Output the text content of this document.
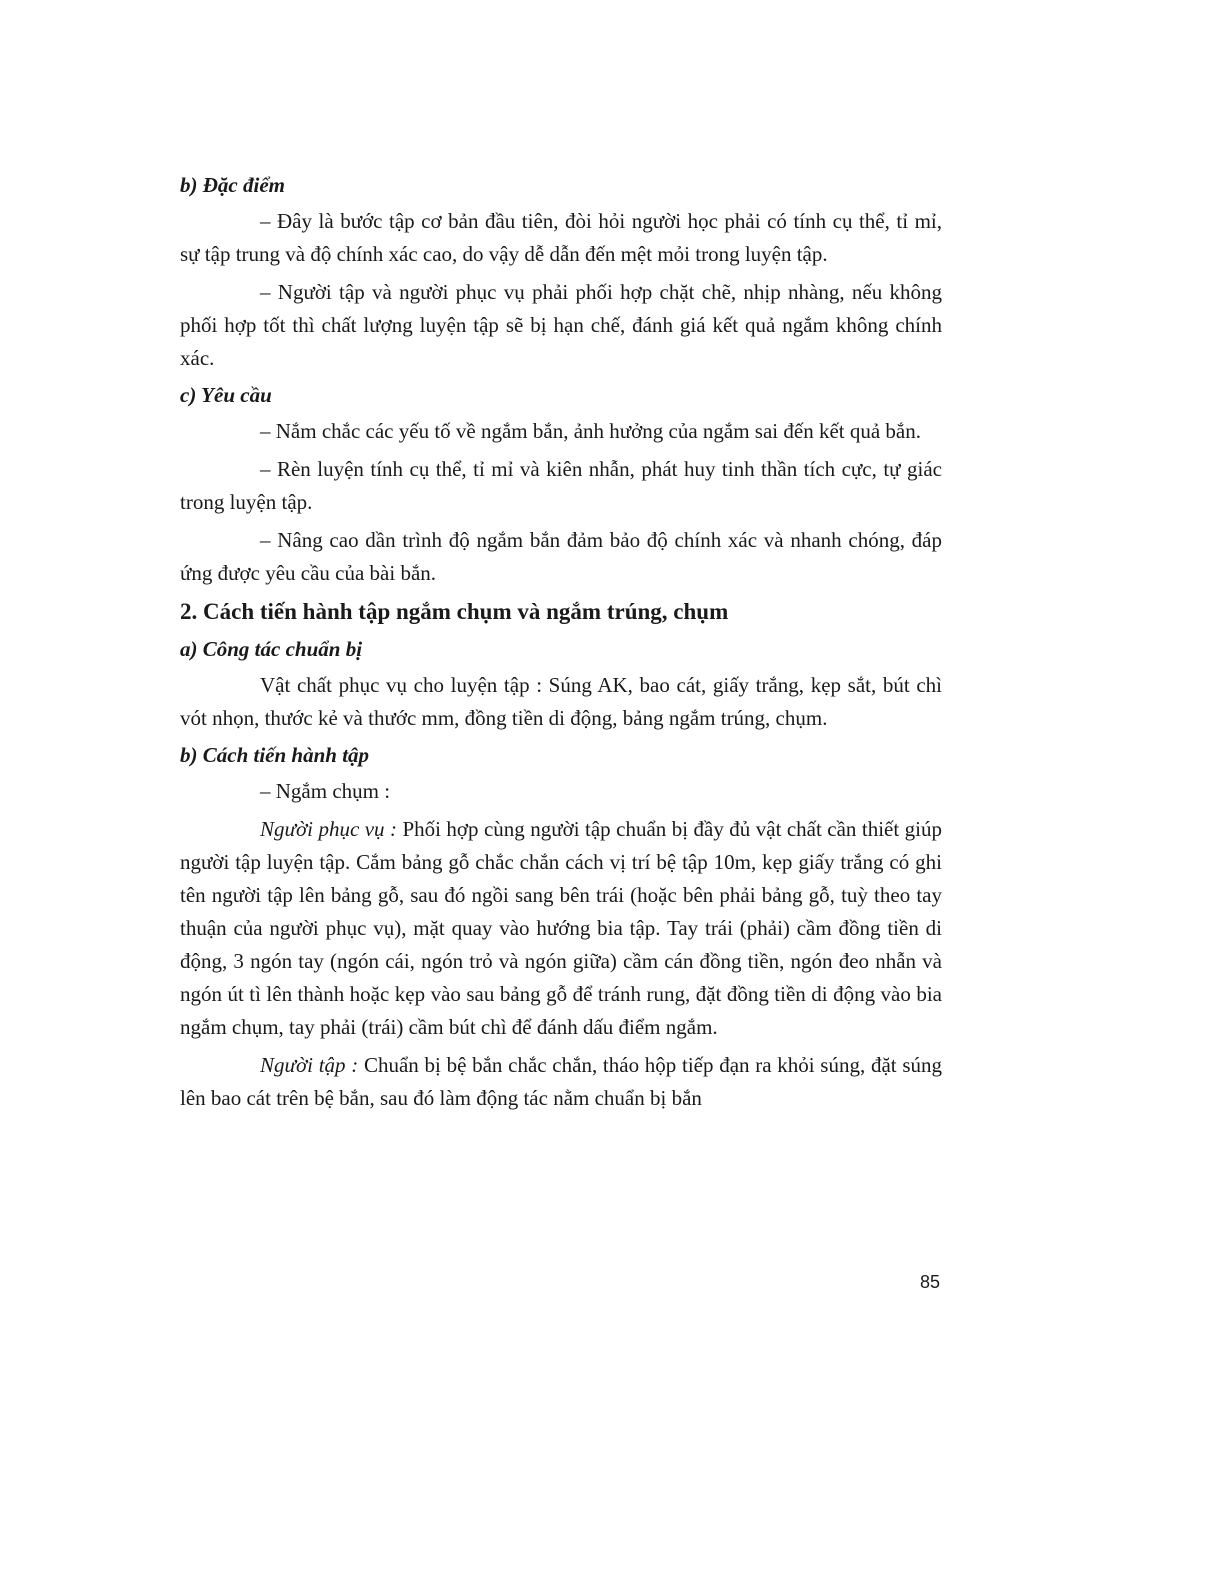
b) Đặc điểm

– Đây là bước tập cơ bản đầu tiên, đòi hỏi người học phải có tính cụ thể, tỉ mỉ, sự tập trung và độ chính xác cao, do vậy dễ dẫn đến mệt mỏi trong luyện tập.

– Người tập và người phục vụ phải phối hợp chặt chẽ, nhịp nhàng, nếu không phối hợp tốt thì chất lượng luyện tập sẽ bị hạn chế, đánh giá kết quả ngắm không chính xác.

c) Yêu cầu

– Nắm chắc các yếu tố về ngắm bắn, ảnh hưởng của ngắm sai đến kết quả bắn.

– Rèn luyện tính cụ thể, tỉ mỉ và kiên nhẫn, phát huy tinh thần tích cực, tự giác trong luyện tập.

– Nâng cao dần trình độ ngắm bắn đảm bảo độ chính xác và nhanh chóng, đáp ứng được yêu cầu của bài bắn.

2. Cách tiến hành tập ngắm chụm và ngắm trúng, chụm
a) Công tác chuẩn bị

Vật chất phục vụ cho luyện tập : Súng AK, bao cát, giấy trắng, kẹp sắt, bút chì vót nhọn, thước kẻ và thước mm, đồng tiền di động, bảng ngắm trúng, chụm.

b) Cách tiến hành tập

– Ngắm chụm :

Người phục vụ : Phối hợp cùng người tập chuẩn bị đầy đủ vật chất cần thiết giúp người tập luyện tập. Cắm bảng gỗ chắc chắn cách vị trí bệ tập 10m, kẹp giấy trắng có ghi tên người tập lên bảng gỗ, sau đó ngồi sang bên trái (hoặc bên phải bảng gỗ, tuỳ theo tay thuận của người phục vụ), mặt quay vào hướng bia tập. Tay trái (phải) cầm đồng tiền di động, 3 ngón tay (ngón cái, ngón trỏ và ngón giữa) cầm cán đồng tiền, ngón đeo nhẫn và ngón út tì lên thành hoặc kẹp vào sau bảng gỗ để tránh rung, đặt đồng tiền di động vào bia ngắm chụm, tay phải (trái) cầm bút chì để đánh dấu điểm ngắm.

Người tập : Chuẩn bị bệ bắn chắc chắn, tháo hộp tiếp đạn ra khỏi súng, đặt súng lên bao cát trên bệ bắn, sau đó làm động tác nằm chuẩn bị bắn

85
